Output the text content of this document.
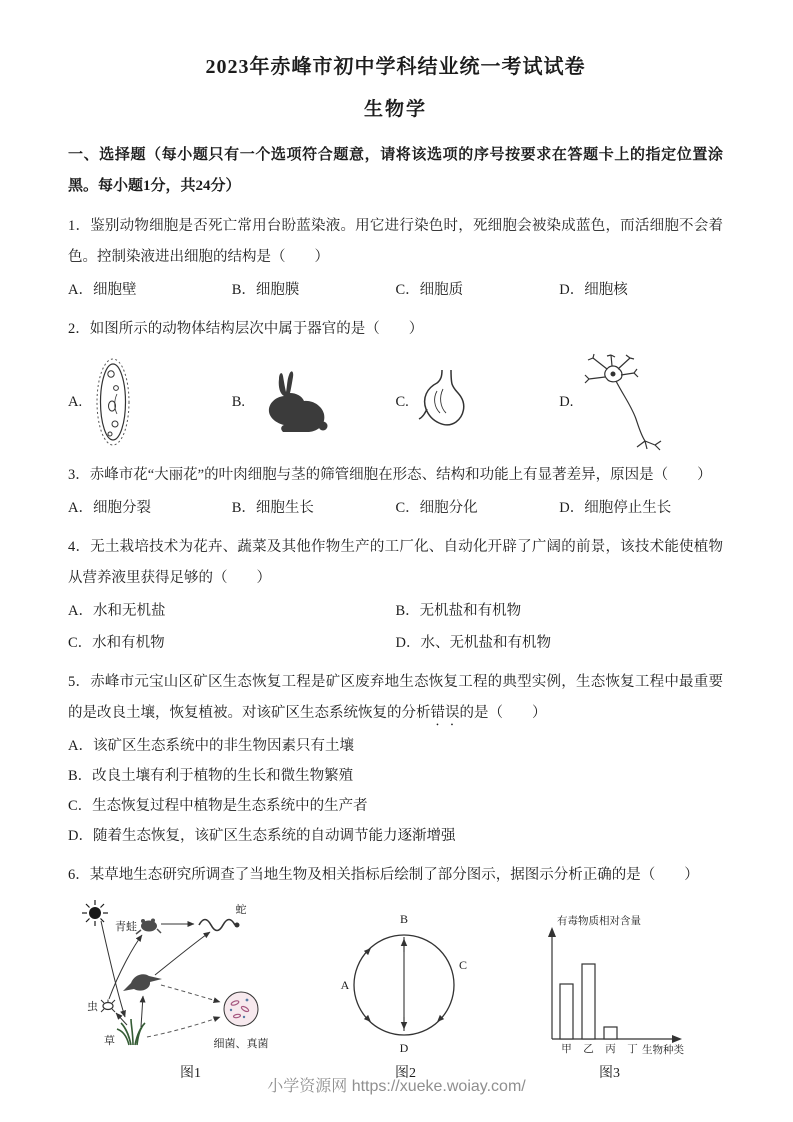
2023年赤峰市初中学科结业统一考试试卷
生物学
一、选择题（每小题只有一个选项符合题意，请将该选项的序号按要求在答题卡上的指定位置涂黑。每小题1分，共24分）
1．鉴别动物细胞是否死亡常用台盼蓝染液。用它进行染色时，死细胞会被染成蓝色，而活细胞不会着色。控制染液进出细胞的结构是（　　）
A．细胞壁	B．细胞膜	C．细胞质	D．细胞核
2．如图所示的动物体结构层次中属于器官的是（　　）
A.	B.	C.	D.
3．赤峰市花“大丽花”的叶肉细胞与茎的筛管细胞在形态、结构和功能上有显著差异，原因是（　　）
A．细胞分裂	B．细胞生长	C．细胞分化	D．细胞停止生长
4．无土栽培技术为花卉、蔬菜及其他作物生产的工厂化、自动化开辟了广阔的前景，该技术能使植物从营养液里获得足够的（　　）
A．水和无机盐	B．无机盐和有机物
C．水和有机物	D．水、无机盐和有机物
5．赤峰市元宝山区矿区生态恢复工程是矿区废弃地生态恢复工程的典型实例，生态恢复工程中最重要的是改良土壤，恢复植被。对该矿区生态系统恢复的分析错误的是（　　）
A．该矿区生态系统中的非生物因素只有土壤
B．改良土壤有利于植物的生长和微生物繁殖
C．生态恢复过程中植物是生态系统中的生产者
D．随着生态恢复，该矿区生态系统的自动调节能力逐渐增强
6．某草地生态研究所调查了当地生物及相关指标后绘制了部分图示，据图示分析正确的是（　　）
青蛙
蛇
虫
草	细菌、真菌
图1
B
A
C
D
图2
有毒物质相对含量
生物种类
甲 乙 丙 丁
图3
小学资源网 https://xueke.woiay.com/
